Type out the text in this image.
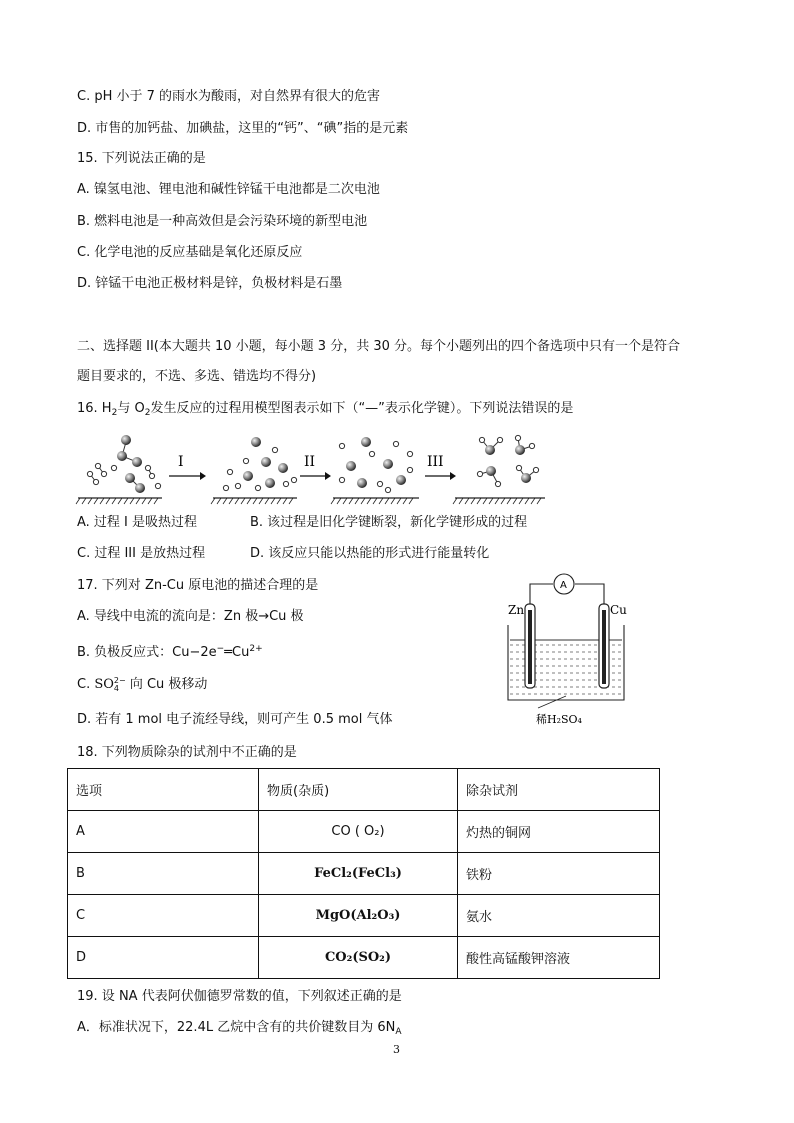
C. pH 小于 7 的雨水为酸雨，对自然界有很大的危害
D. 市售的加钙盐、加碘盐，这里的“钙”、“碘”指的是元素
15. 下列说法正确的是
A. 镍氢电池、锂电池和碱性锌锰干电池都是二次电池
B. 燃料电池是一种高效但是会污染环境的新型电池
C. 化学电池的反应基础是氧化还原反应
D. 锌锰干电池正极材料是锌，负极材料是石墨
二、选择题 II(本大题共 10 小题，每小题 3 分，共 30 分。每个小题列出的四个备选项中只有一个是符合
题目要求的，不选、多选、错选均不得分)
16. $H_2$与 $O_2$发生反应的过程用模型图表示如下（“—”表示化学键）。下列说法错误的是
I	II	III
A. 过程 I 是吸热过程	B. 该过程是旧化学键断裂，新化学键形成的过程
C. 过程 III 是放热过程	D. 该反应只能以热能的形式进行能量转化
17. 下列对 Zn-Cu 原电池的描述合理的是
A. 导线中电流的流向是：Zn 极→Cu 极
B. 负极反应式：$Cu-2e^-═Cu^{2+}$
C. SO 2−
4 向 Cu 极移动
D. 若有 1 mol 电子流经导线，则可产生 0.5 mol 气体
A
Zn	Cu
稀H₂SO₄
18. 下列物质除杂的试剂中不正确的是
选项	物质(杂质)	除杂试剂
A	CO ( O₂)	灼热的铜网
B	FeCl₂(FeCl₃)	铁粉
C	MgO(Al₂O₃)	氨水
D	CO₂(SO₂)	酸性高锰酸钾溶液
19. 设 NA 代表阿伏伽德罗常数的值，下列叙述正确的是
A．标准状况下，22.4L 乙烷中含有的共价键数目为 $6N_A$
3
